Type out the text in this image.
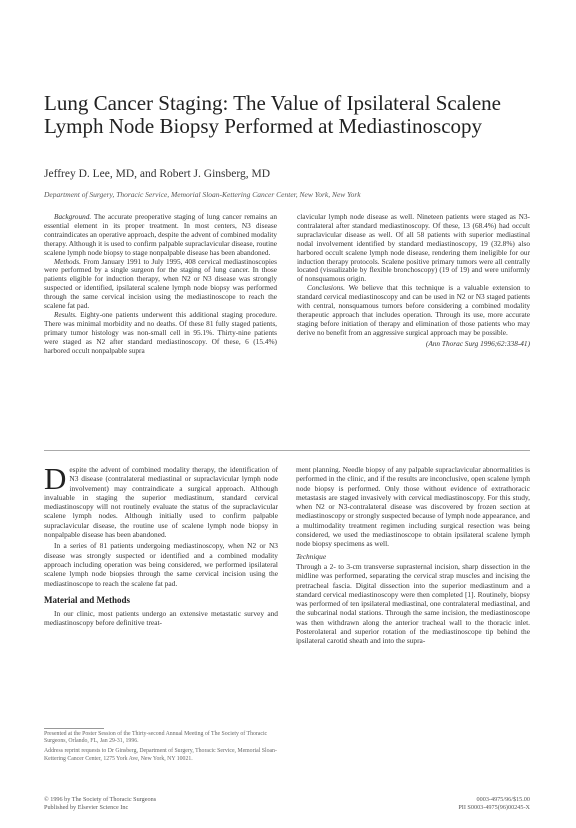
Lung Cancer Staging: The Value of Ipsilateral Scalene Lymph Node Biopsy Performed at Mediastinoscopy
Jeffrey D. Lee, MD, and Robert J. Ginsberg, MD
Department of Surgery, Thoracic Service, Memorial Sloan-Kettering Cancer Center, New York, New York

Background. The accurate preoperative staging of lung cancer remains an essential element in its proper treatment. In most centers, N3 disease contraindicates an operative approach, despite the advent of combined modality therapy. Although it is used to confirm palpable supraclavicular disease, routine scalene lymph node biopsy to stage nonpalpable disease has been abandoned.

Methods. From January 1991 to July 1995, 408 cervical mediastinoscopies were performed by a single surgeon for the staging of lung cancer. In those patients eligible for induction therapy, when N2 or N3 disease was strongly suspected or identified, ipsilateral scalene lymph node biopsy was performed through the same cervical incision using the mediastinoscope to reach the scalene fat pad.

Results. Eighty-one patients underwent this additional staging procedure. There was minimal morbidity and no deaths. Of these 81 fully staged patients, primary tumor histology was non-small cell in 95.1%. Thirty-nine patients were staged as N2 after standard mediastinoscopy. Of these, 6 (15.4%) harbored occult nonpalpable supra

clavicular lymph node disease as well. Nineteen patients were staged as N3-contralateral after standard mediastinoscopy. Of these, 13 (68.4%) had occult supraclavicular disease as well. Of all 58 patients with superior mediastinal nodal involvement identified by standard mediastinoscopy, 19 (32.8%) also harbored occult scalene lymph node disease, rendering them ineligible for our induction therapy protocols. Scalene positive primary tumors were all centrally located (visualizable by flexible bronchoscopy) (19 of 19) and were uniformly of nonsquamous origin.

Conclusions. We believe that this technique is a valuable extension to standard cervical mediastinoscopy and can be used in N2 or N3 staged patients with central, nonsquamous tumors before considering a combined modality therapeutic approach that includes operation. Through its use, more accurate staging before initiation of therapy and elimination of those patients who may derive no benefit from an aggressive surgical approach may be possible.

(Ann Thorac Surg 1996;62:338-41)

Despite the advent of combined modality therapy, the identification of N3 disease (contralateral mediastinal or supraclavicular lymph node involvement) may contraindicate a surgical approach. Although invaluable in staging the superior mediastinum, standard cervical mediastinoscopy will not routinely evaluate the status of the supraclavicular scalene lymph nodes. Although initially used to confirm palpable supraclavicular disease, the routine use of scalene lymph node biopsy in nonpalpable disease has been abandoned.

In a series of 81 patients undergoing mediastinoscopy, when N2 or N3 disease was strongly suspected or identified and a combined modality approach including operation was being considered, we performed ipsilateral scalene lymph node biopsies through the same cervical incision using the mediastinoscope to reach the scalene fat pad.

Material and Methods

In our clinic, most patients undergo an extensive metastatic survey and mediastinoscopy before definitive treat-

Presented at the Poster Session of the Thirty-second Annual Meeting of The Society of Thoracic Surgeons, Orlando, FL, Jan 29-31, 1996.

Address reprint requests to Dr Ginsberg, Department of Surgery, Thoracic Service, Memorial Sloan-Kettering Cancer Center, 1275 York Ave, New York, NY 10021.

ment planning. Needle biopsy of any palpable supraclavicular abnormalities is performed in the clinic, and if the results are inconclusive, open scalene lymph node biopsy is performed. Only those without evidence of extrathoracic metastasis are staged invasively with cervical mediastinoscopy. For this study, when N2 or N3-contralateral disease was discovered by frozen section at mediastinoscopy or strongly suspected because of lymph node appearance, and a multimodality treatment regimen including surgical resection was being considered, we used the mediastinoscope to obtain ipsilateral scalene lymph node biopsy specimens as well.

Technique

Through a 2- to 3-cm transverse suprasternal incision, sharp dissection in the midline was performed, separating the cervical strap muscles and incising the pretracheal fascia. Digital dissection into the superior mediastinum and a standard cervical mediastinoscopy were then completed [1]. Routinely, biopsy was performed of ten ipsilateral mediastinal, one contralateral mediastinal, and the subcarinal nodal stations. Through the same incision, the mediastinoscope was then withdrawn along the anterior tracheal wall to the thoracic inlet. Posterolateral and superior rotation of the mediastinoscope tip behind the ipsilateral carotid sheath and into the supra-

© 1996 by The Society of Thoracic Surgeons
Published by Elsevier Science Inc
0003-4975/96/$15.00
PII S0003-4975(96)00245-X
